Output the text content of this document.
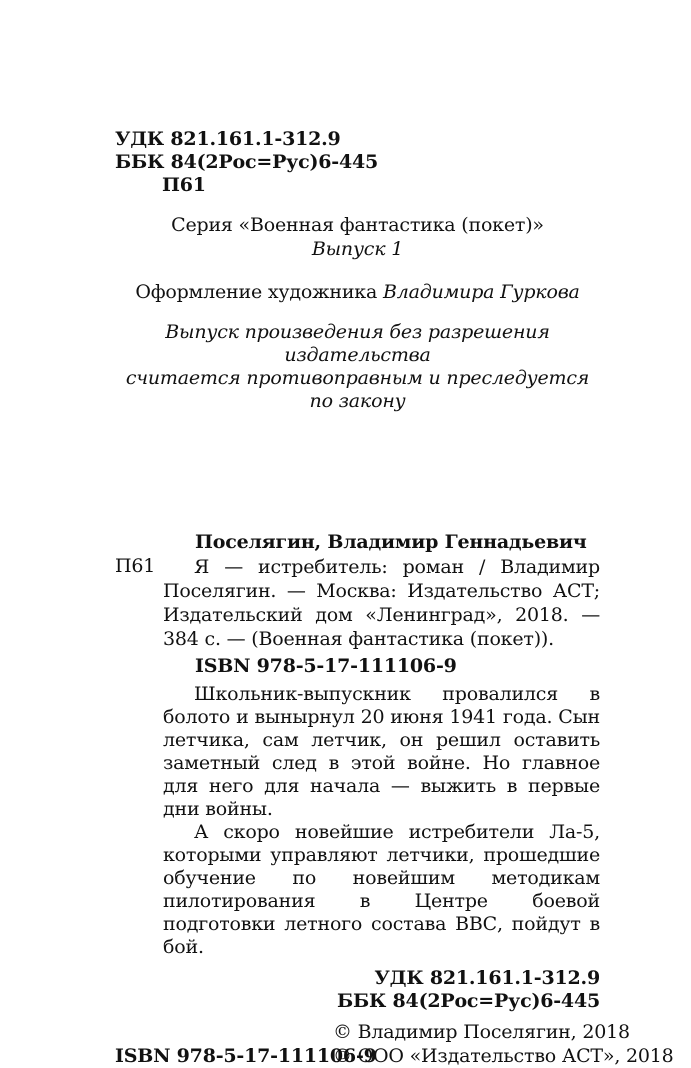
УДК 821.161.1-312.9
ББК 84(2Рос=Рус)6-445
П61
Серия «Военная фантастика (покет)»
Выпуск 1
Оформление художника Владимира Гуркова
Выпуск произведения без разрешения издательства
считается противоправным и преследуется по закону
Поселягин, Владимир Геннадьевич
П61	Я — истребитель: роман / Владимир Поселягин. — Москва: Издательство АСТ; Издательский дом «Ленинград», 2018. — 384 с. — (Военная фантастика (покет)).

ISBN 978-5-17-111106-9

Школьник-выпускник провалился в болото и вынырнул 20 июня 1941 года. Сын летчика, сам летчик, он решил оставить заметный след в этой войне. Но главное для него для начала — выжить в первые дни войны.

А скоро новейшие истребители Ла-5, которыми управляют летчики, прошедшие обучение по новейшим методикам пилотирования в Центре боевой подготовки летного состава ВВС, пойдут в бой.

УДК 821.161.1-312.9
ББК 84(2Рос=Рус)6-445
© Владимир Поселягин, 2018
ISBN 978-5-17-111106-9
© ООО «Издательство АСТ», 2018
